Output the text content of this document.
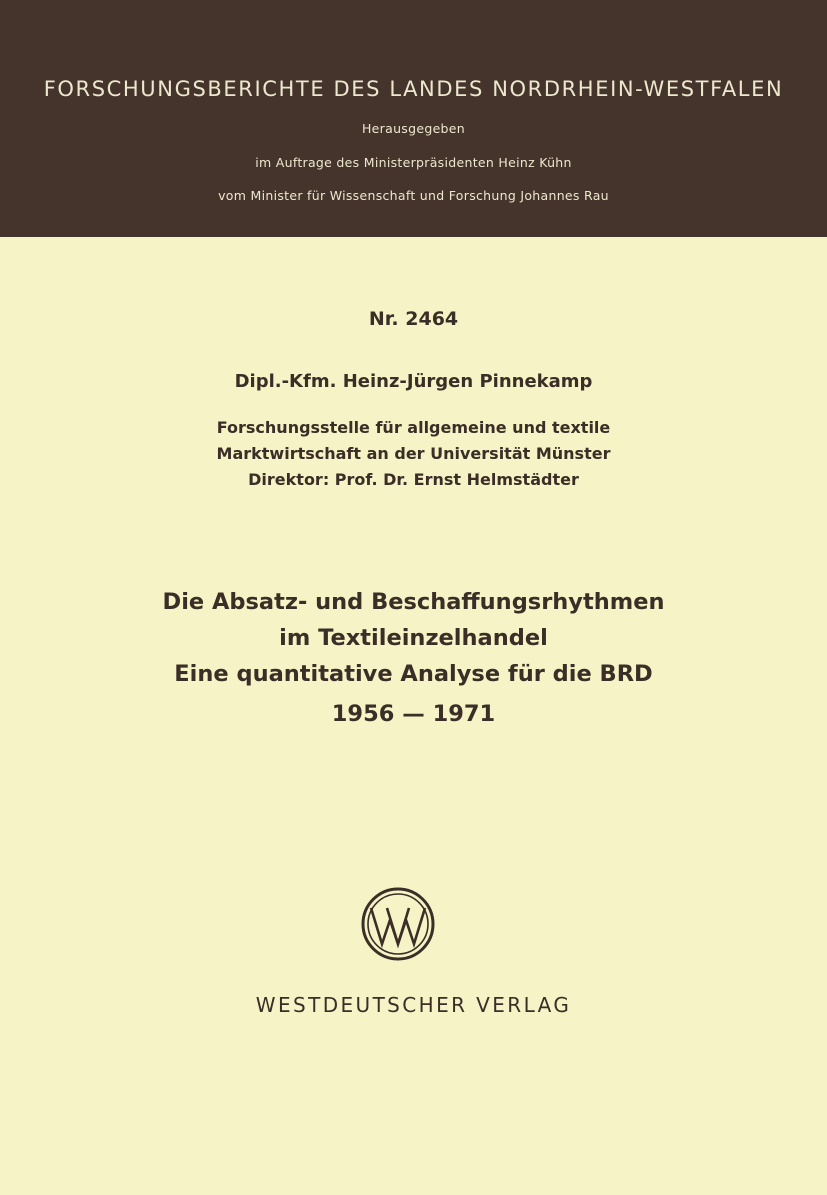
FORSCHUNGSBERICHTE DES LANDES NORDRHEIN-WESTFALEN
Herausgegeben
im Auftrage des Ministerpräsidenten Heinz Kühn
vom Minister für Wissenschaft und Forschung Johannes Rau
Nr. 2464
Dipl.-Kfm. Heinz-Jürgen Pinnekamp
Forschungsstelle für allgemeine und textile
Marktwirtschaft an der Universität Münster
Direktor: Prof. Dr. Ernst Helmstädter
Die Absatz- und Beschaffungsrhythmen
im Textileinzelhandel
Eine quantitative Analyse für die BRD
1956 — 1971
WESTDEUTSCHER VERLAG
